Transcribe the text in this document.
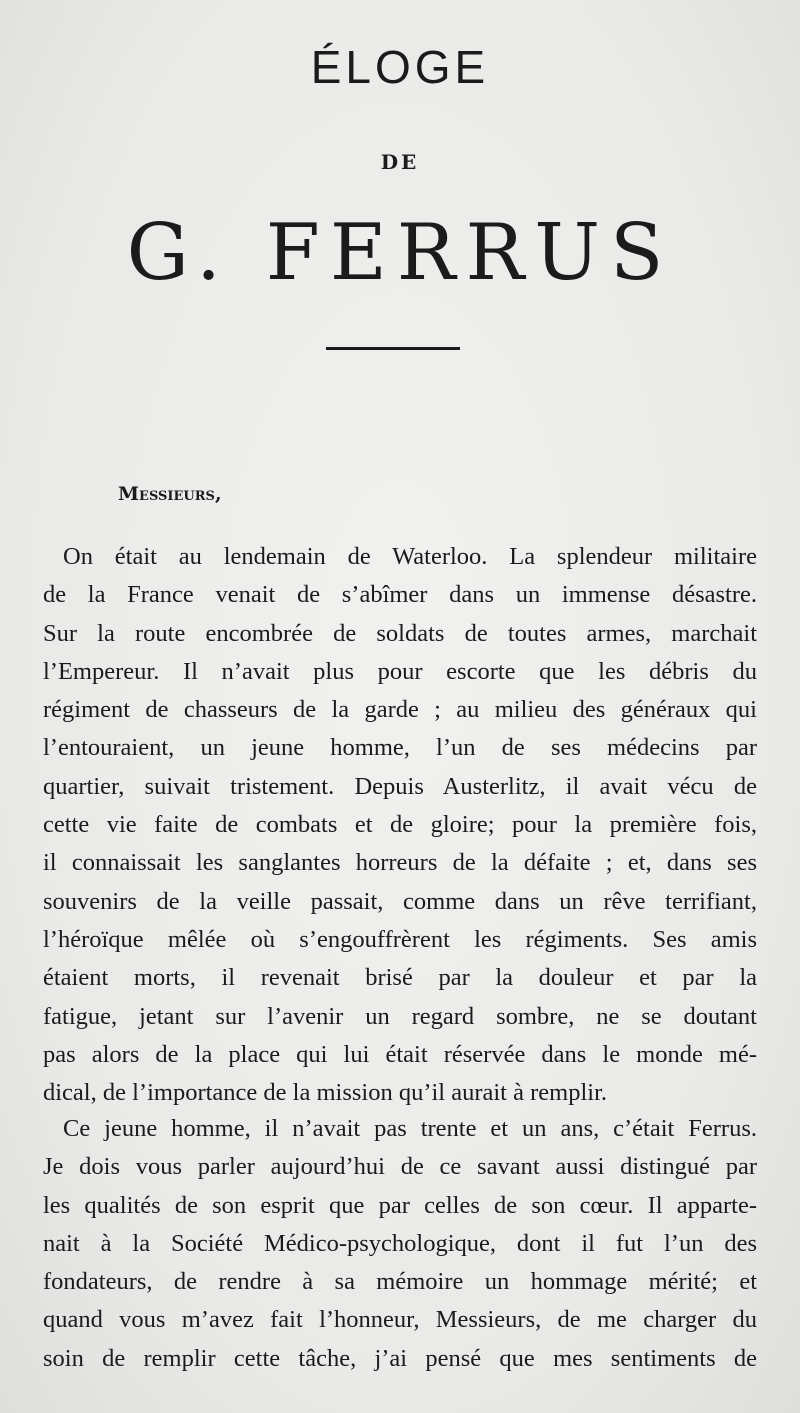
ÉLOGE
DE
G. FERRUS
Messieurs,
On était au lendemain de Waterloo. La splendeur militaire
de la France venait de s’abîmer dans un immense désastre.
Sur la route encombrée de soldats de toutes armes, marchait
l’Empereur. Il n’avait plus pour escorte que les débris du
régiment de chasseurs de la garde ; au milieu des généraux qui
l’entouraient, un jeune homme, l’un de ses médecins par
quartier, suivait tristement. Depuis Austerlitz, il avait vécu de
cette vie faite de combats et de gloire; pour la première fois,
il connaissait les sanglantes horreurs de la défaite ; et, dans ses
souvenirs de la veille passait, comme dans un rêve terrifiant,
l’héroïque mêlée où s’engouffrèrent les régiments. Ses amis
étaient morts, il revenait brisé par la douleur et par la
fatigue, jetant sur l’avenir un regard sombre, ne se doutant
pas alors de la place qui lui était réservée dans le monde mé-
dical, de l’importance de la mission qu’il aurait à remplir.
Ce jeune homme, il n’avait pas trente et un ans, c’était Ferrus.
Je dois vous parler aujourd’hui de ce savant aussi distingué par
les qualités de son esprit que par celles de son cœur. Il apparte-
nait à la Société Médico-psychologique, dont il fut l’un des
fondateurs, de rendre à sa mémoire un hommage mérité; et
quand vous m’avez fait l’honneur, Messieurs, de me charger du
soin de remplir cette tâche, j’ai pensé que mes sentiments de
